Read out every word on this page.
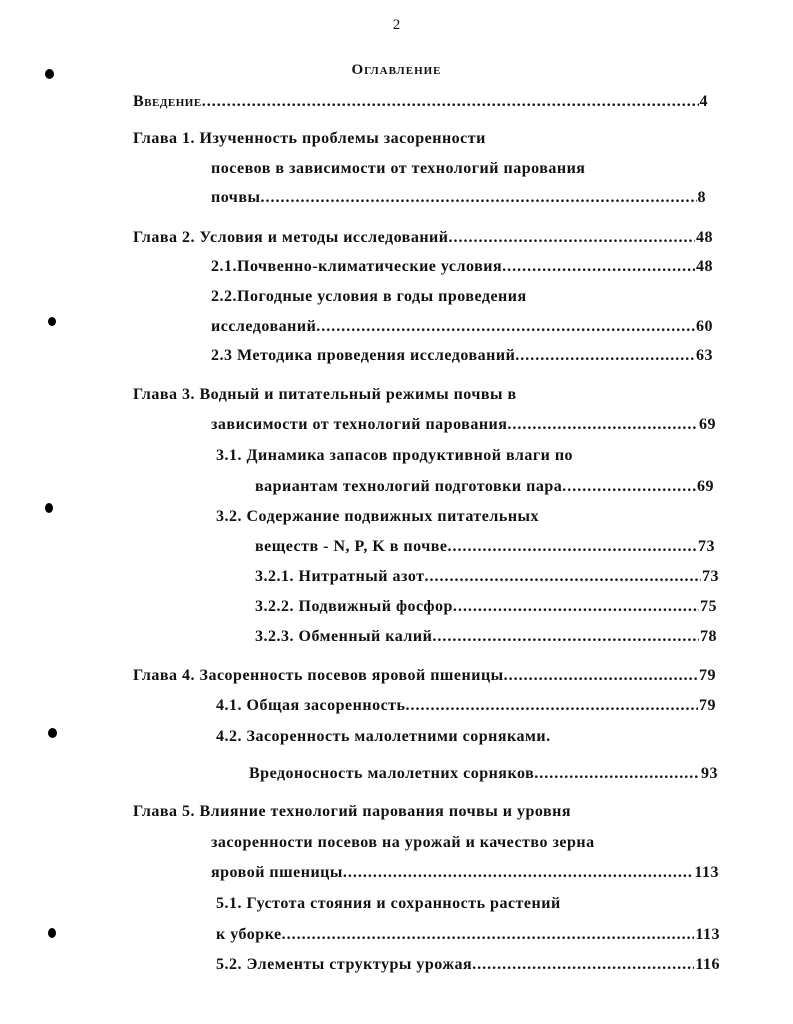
2
Оглавление
Введение .....	4
Глава 1. Изученность проблемы засоренности
посевов в зависимости от технологий парования
почвы .....	8
Глава 2. Условия и методы исследований .....	48
2.1.Почвенно-климатические условия .....	48
2.2.Погодные условия в годы проведения
исследований .....	60
2.3 Методика проведения исследований .....	63
Глава 3. Водный и питательный режимы почвы в
зависимости от технологий парования .....	69
3.1. Динамика запасов продуктивной влаги по
вариантам технологий подготовки пара .....	69
3.2. Содержание подвижных питательных
веществ - N, P, K в почве .....	73
3.2.1. Нитратный азот .....	73
3.2.2. Подвижный фосфор .....	75
3.2.3. Обменный калий .....	78
Глава 4. Засоренность посевов яровой пшеницы .....	79
4.1. Общая засоренность .....	79
4.2. Засоренность малолетними сорняками.
Вредоносность малолетних сорняков .....	93
Глава 5. Влияние технологий парования почвы и уровня
засоренности посевов на урожай и качество зерна
яровой пшеницы .....	113
5.1. Густота стояния и сохранность растений
к уборке .....	113
5.2. Элементы структуры урожая .....	116
